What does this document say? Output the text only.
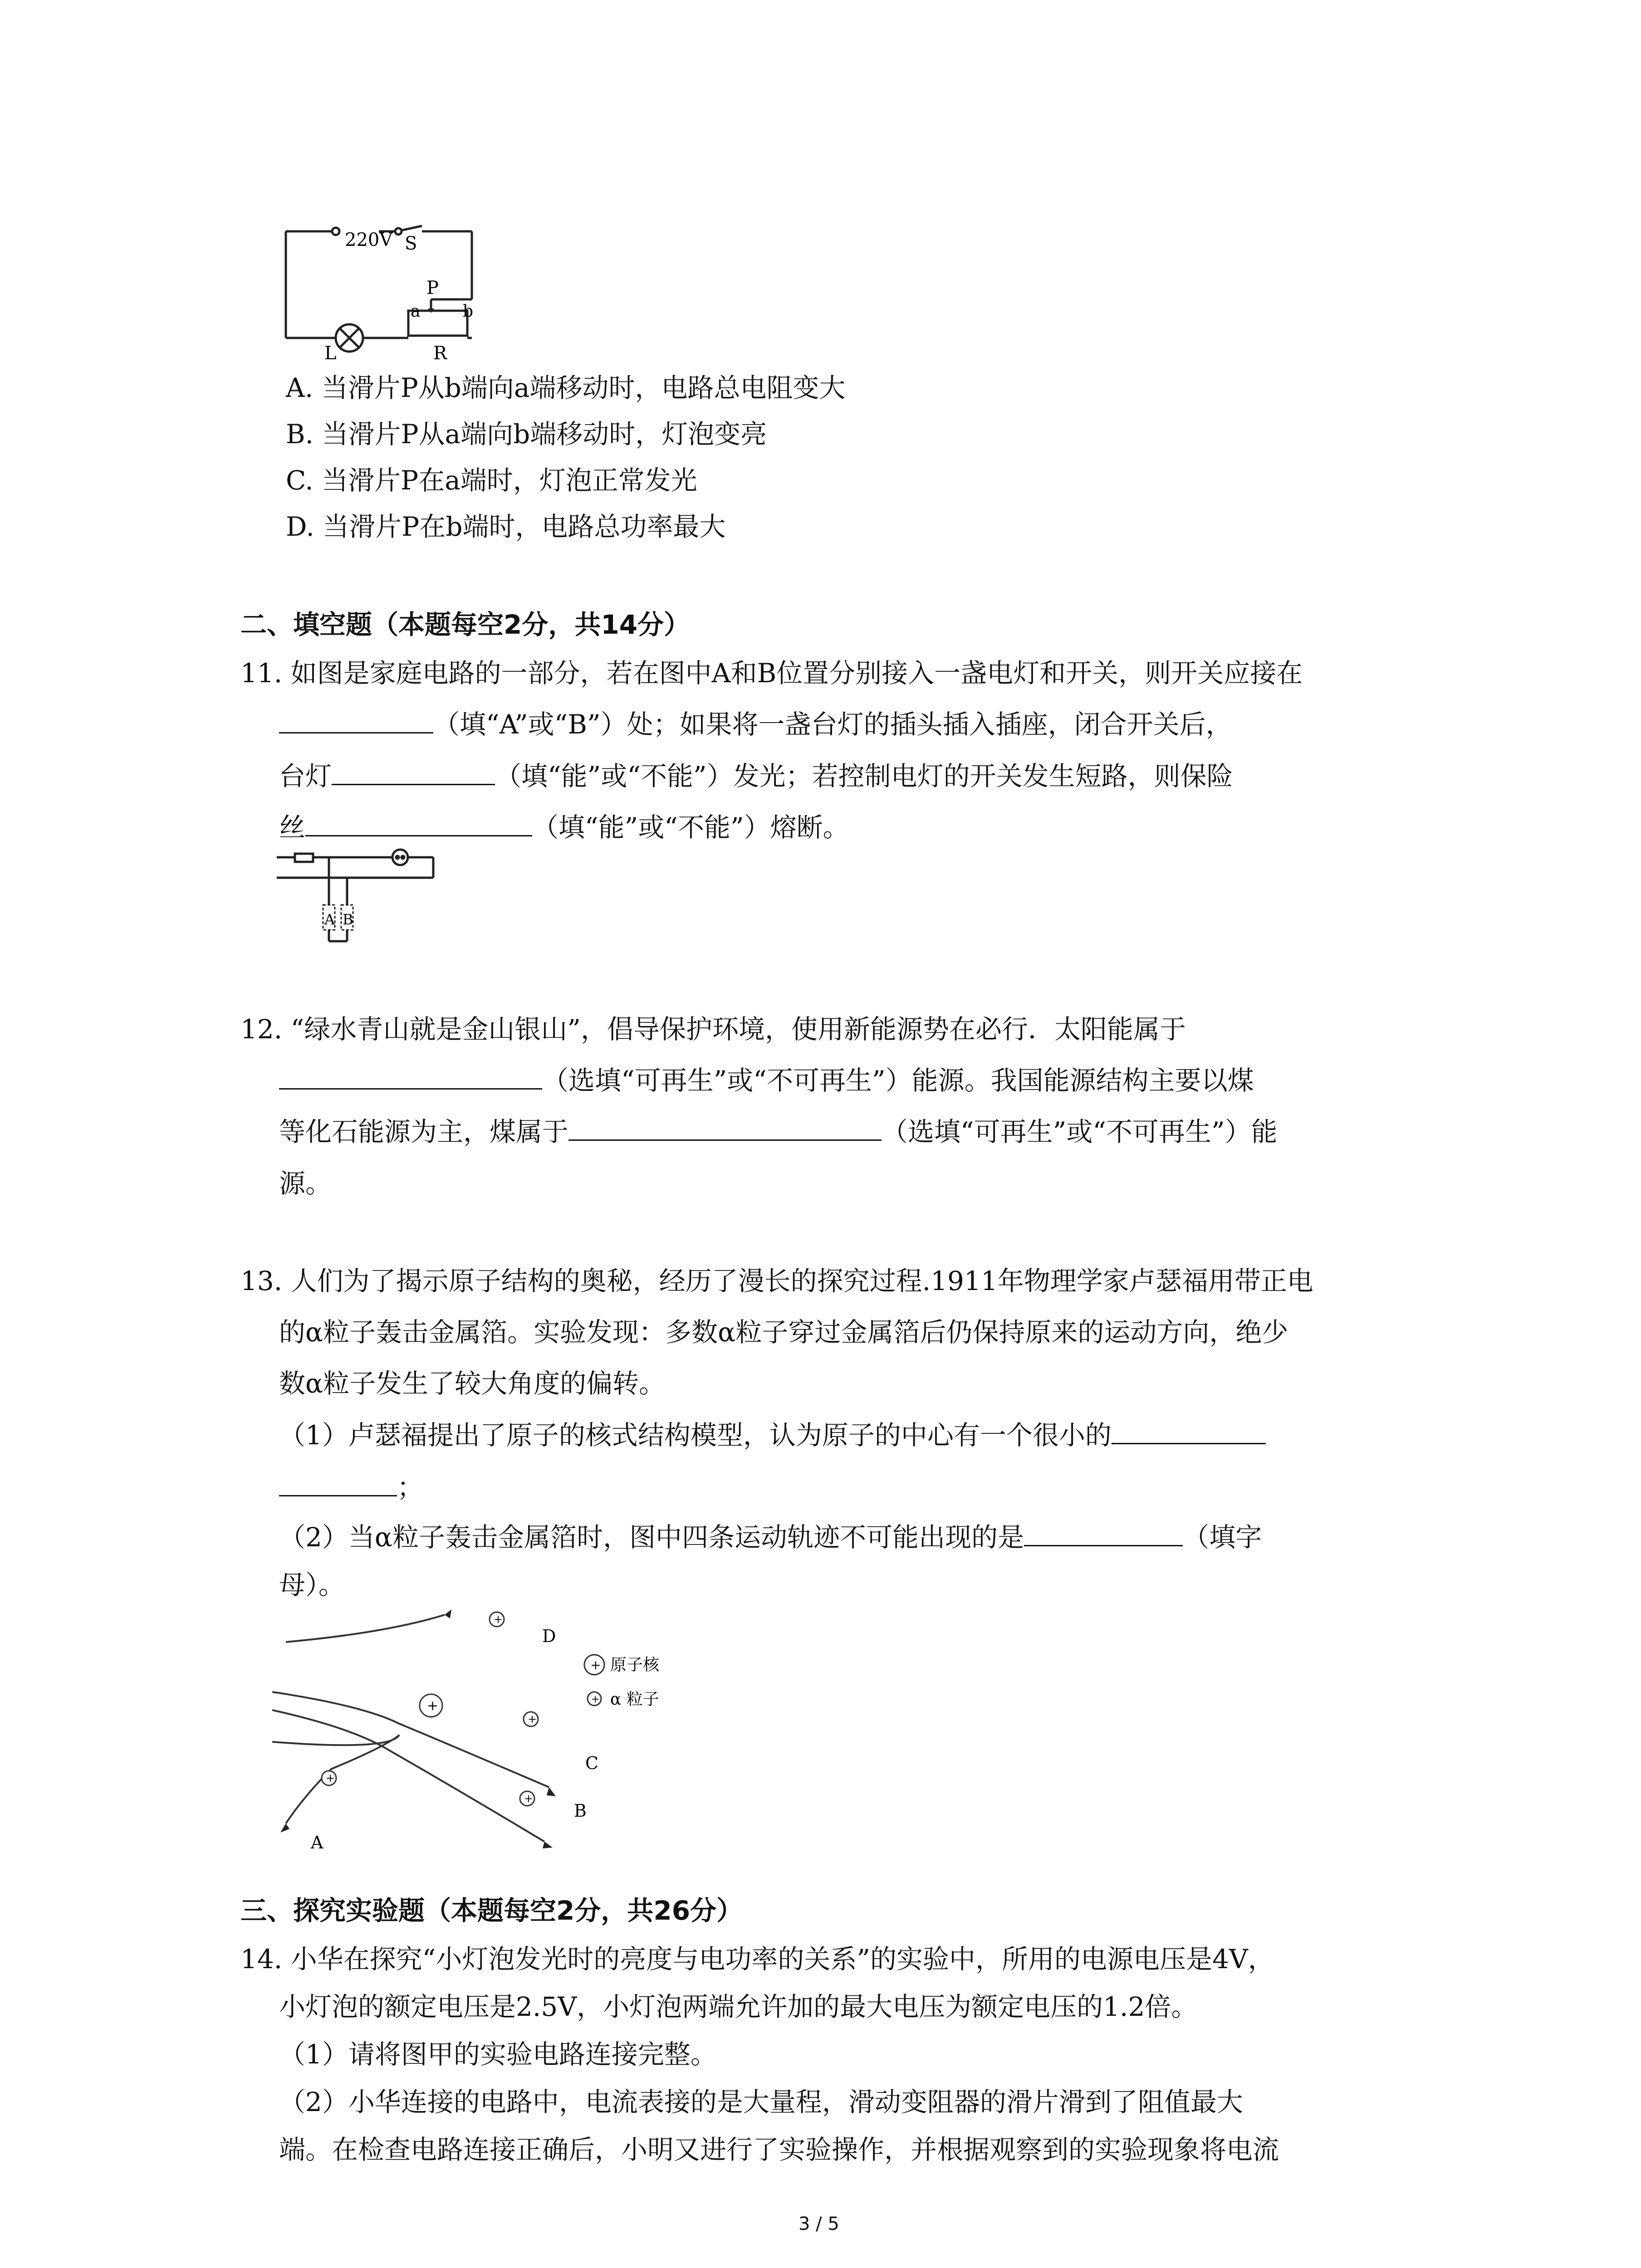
220V S
P
a	b
L	R
A. 当滑片P从b端向a端移动时，电路总电阻变大
B. 当滑片P从a端向b端移动时，灯泡变亮
C. 当滑片P在a端时，灯泡正常发光
D. 当滑片P在b端时，电路总功率最大
二、填空题（本题每空2分，共14分）
11. 如图是家庭电路的一部分，若在图中A和B位置分别接入一盏电灯和开关，则开关应接在
（填“A”或“B”）处；如果将一盏台灯的插头插入插座，闭合开关后，
台灯	（填“能”或“不能”）发光；若控制电灯的开关发生短路，则保险
丝	（填“能”或“不能”）熔断。
A B
12. “绿水青山就是金山银山”，倡导保护环境，使用新能源势在必行．太阳能属于
（选填“可再生”或“不可再生”）能源。我国能源结构主要以煤
等化石能源为主，煤属于	（选填“可再生”或“不可再生”）能
源。
13. 人们为了揭示原子结构的奥秘，经历了漫长的探究过程.1911年物理学家卢瑟福用带正电
的α粒子轰击金属箔。实验发现：多数α粒子穿过金属箔后仍保持原来的运动方向，绝少
数α粒子发生了较大角度的偏转。
（1）卢瑟福提出了原子的核式结构模型，认为原子的中心有一个很小的
；
（2）当α粒子轰击金属箔时，图中四条运动轨迹不可能出现的是	（填字
母）。
+
+
+
+
+
+
+
原子核
α 粒子
D
C
B
A
三、探究实验题（本题每空2分，共26分）
14. 小华在探究“小灯泡发光时的亮度与电功率的关系”的实验中，所用的电源电压是4V，
小灯泡的额定电压是2.5V，小灯泡两端允许加的最大电压为额定电压的1.2倍。
（1）请将图甲的实验电路连接完整。
（2）小华连接的电路中，电流表接的是大量程，滑动变阻器的滑片滑到了阻值最大
端。在检查电路连接正确后，小明又进行了实验操作，并根据观察到的实验现象将电流
3 / 5
